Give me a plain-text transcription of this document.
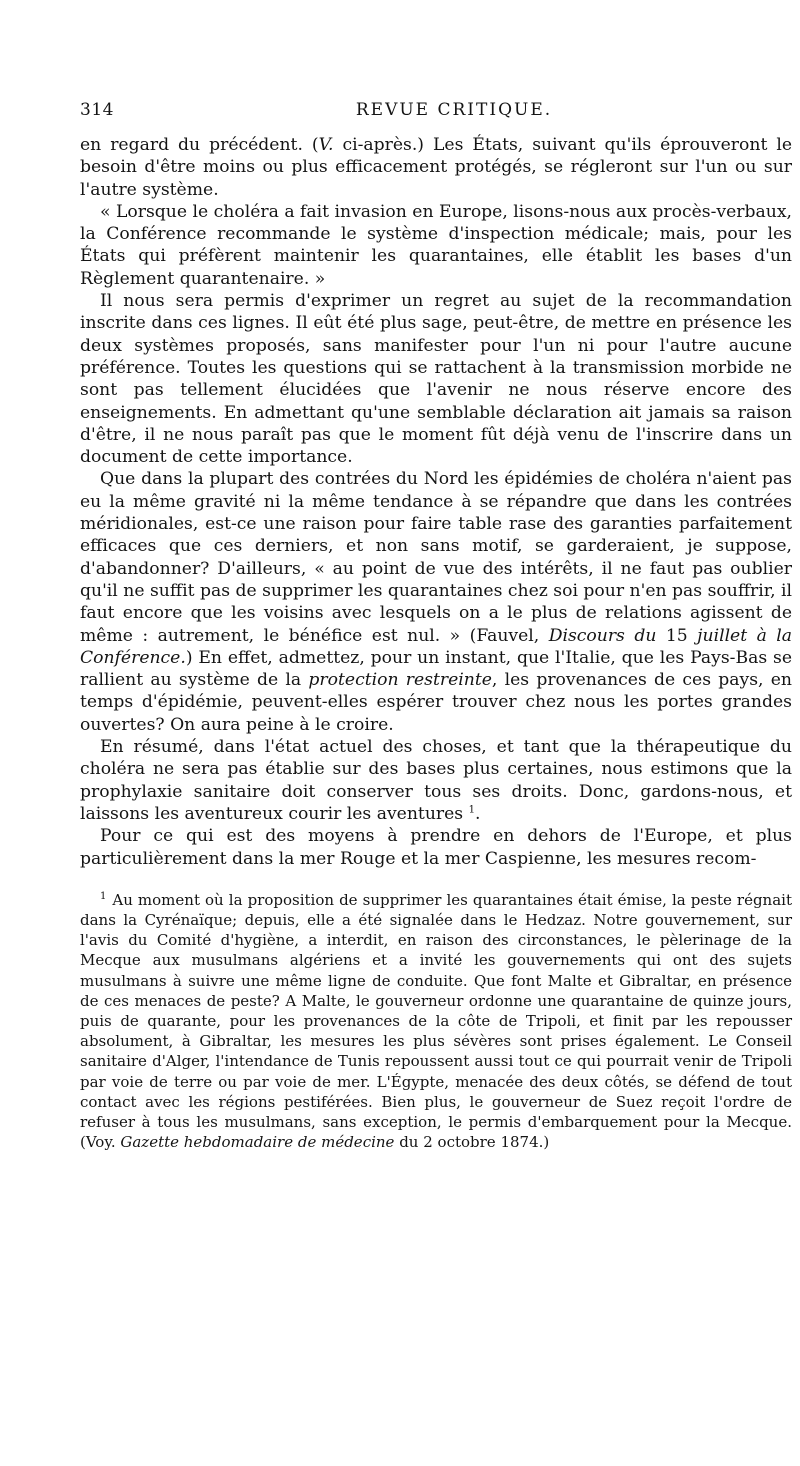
314	REVUE CRITIQUE.

en regard du précédent. (V. ci-après.) Les États, suivant qu'ils éprouveront le besoin d'être moins ou plus efficacement protégés, se régleront sur l'un ou sur l'autre système.

« Lorsque le choléra a fait invasion en Europe, lisons-nous aux procès-verbaux, la Conférence recommande le système d'inspection médicale; mais, pour les États qui préfèrent maintenir les quarantaines, elle établit les bases d'un Règlement quarantenaire. »

Il nous sera permis d'exprimer un regret au sujet de la recommandation inscrite dans ces lignes. Il eût été plus sage, peut-être, de mettre en présence les deux systèmes proposés, sans manifester pour l'un ni pour l'autre aucune préférence. Toutes les questions qui se rattachent à la transmission morbide ne sont pas tellement élucidées que l'avenir ne nous réserve encore des enseignements. En admettant qu'une semblable déclaration ait jamais sa raison d'être, il ne nous paraît pas que le moment fût déjà venu de l'inscrire dans un document de cette importance.

Que dans la plupart des contrées du Nord les épidémies de choléra n'aient pas eu la même gravité ni la même tendance à se répandre que dans les contrées méridionales, est-ce une raison pour faire table rase des garanties parfaitement efficaces que ces derniers, et non sans motif, se garderaient, je suppose, d'abandonner? D'ailleurs, « au point de vue des intérêts, il ne faut pas oublier qu'il ne suffit pas de supprimer les quarantaines chez soi pour n'en pas souffrir, il faut encore que les voisins avec lesquels on a le plus de relations agissent de même : autrement, le bénéfice est nul. » (Fauvel, Discours du 15 juillet à la Conférence.) En effet, admettez, pour un instant, que l'Italie, que les Pays-Bas se rallient au système de la protection restreinte, les provenances de ces pays, en temps d'épidémie, peuvent-elles espérer trouver chez nous les portes grandes ouvertes? On aura peine à le croire.

En résumé, dans l'état actuel des choses, et tant que la thérapeutique du choléra ne sera pas établie sur des bases plus certaines, nous estimons que la prophylaxie sanitaire doit conserver tous ses droits. Donc, gardons-nous, et laissons les aventureux courir les aventures $^1$.

Pour ce qui est des moyens à prendre en dehors de l'Europe, et plus particulièrement dans la mer Rouge et la mer Caspienne, les mesures recom-

$^1$ Au moment où la proposition de supprimer les quarantaines était émise, la peste régnait dans la Cyrénaïque; depuis, elle a été signalée dans le Hedzaz. Notre gouvernement, sur l'avis du Comité d'hygiène, a interdit, en raison des circonstances, le pèlerinage de la Mecque aux musulmans algériens et a invité les gouvernements qui ont des sujets musulmans à suivre une même ligne de conduite. Que font Malte et Gibraltar, en présence de ces menaces de peste? A Malte, le gouverneur ordonne une quarantaine de quinze jours, puis de quarante, pour les provenances de la côte de Tripoli, et finit par les repousser absolument, à Gibraltar, les mesures les plus sévères sont prises également. Le Conseil sanitaire d'Alger, l'intendance de Tunis repoussent aussi tout ce qui pourrait venir de Tripoli par voie de terre ou par voie de mer. L'Égypte, menacée des deux côtés, se défend de tout contact avec les régions pestiférées. Bien plus, le gouverneur de Suez reçoit l'ordre de refuser à tous les musulmans, sans exception, le permis d'embarquement pour la Mecque. (Voy. Gazette hebdomadaire de médecine du 2 octobre 1874.)
